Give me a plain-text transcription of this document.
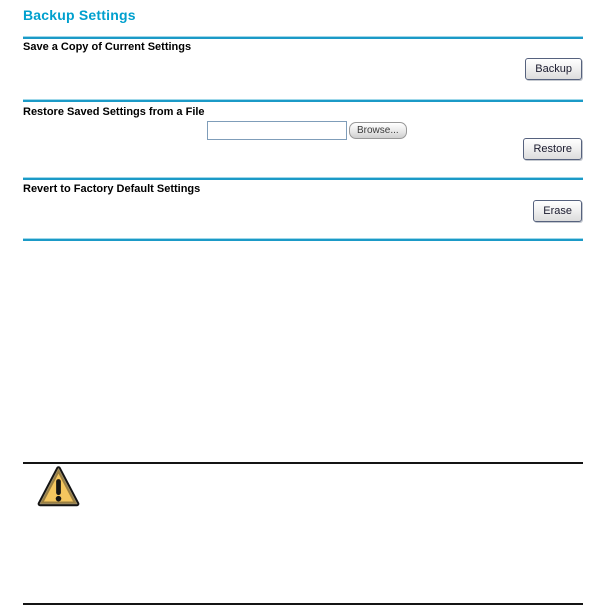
Backup Settings
Save a Copy of Current Settings
Backup
Restore Saved Settings from a File
Browse...
Restore
Revert to Factory Default Settings
Erase
